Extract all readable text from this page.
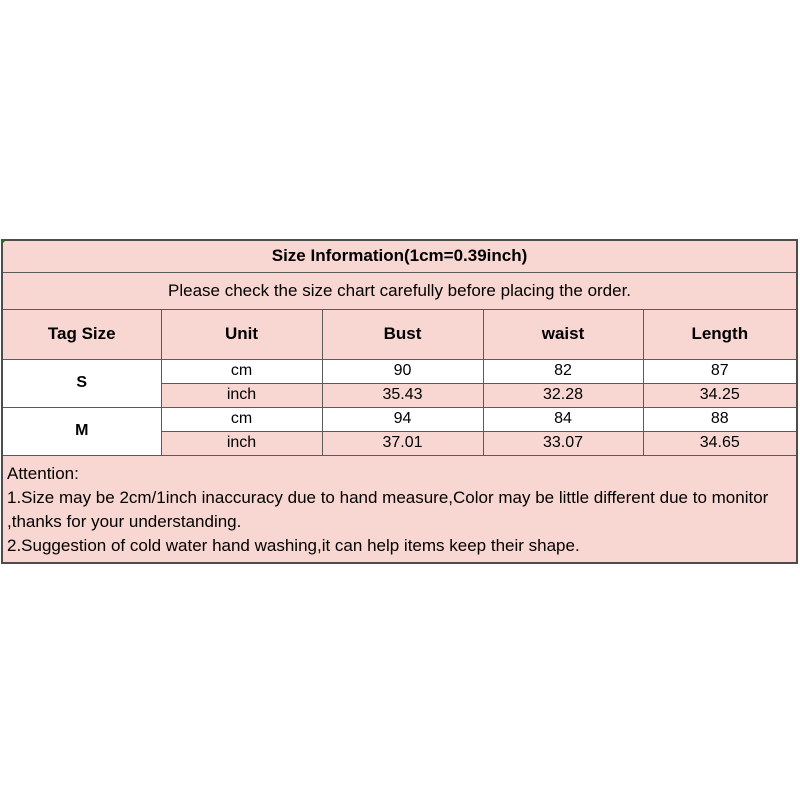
Size Information(1cm=0.39inch)				
Please check the size chart carefully before placing the order.				
Tag Size	Unit	Bust	waist	Length
S	cm	90	82	87
	inch	35.43	32.28	34.25
M	cm	94	84	88
	inch	37.01	33.07	34.65

Attention:
1.Size may be 2cm/1inch inaccuracy due to hand measure,Color may be little different due to monitor
,thanks for your understanding.
2.Suggestion of cold water hand washing,it can help items keep their shape.				
